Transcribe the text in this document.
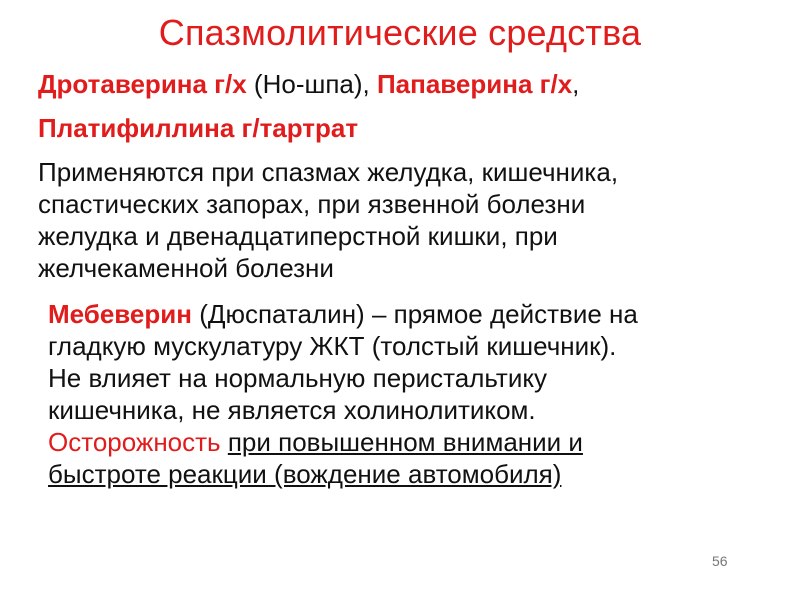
Спазмолитические средства
Дротаверина г/х (Но-шпа), Папаверина г/х,
Платифиллина г/тартрат
Применяются при спазмах желудка, кишечника,
спастических запорах, при язвенной болезни
желудка и двенадцатиперстной кишки, при
желчекаменной болезни
Мебеверин (Дюспаталин) – прямое действие на
гладкую мускулатуру ЖКТ (толстый кишечник).
Не влияет на нормальную перистальтику
кишечника, не является холинолитиком.
Осторожность при повышенном внимании и
быстроте реакции (вождение автомобиля)
56
